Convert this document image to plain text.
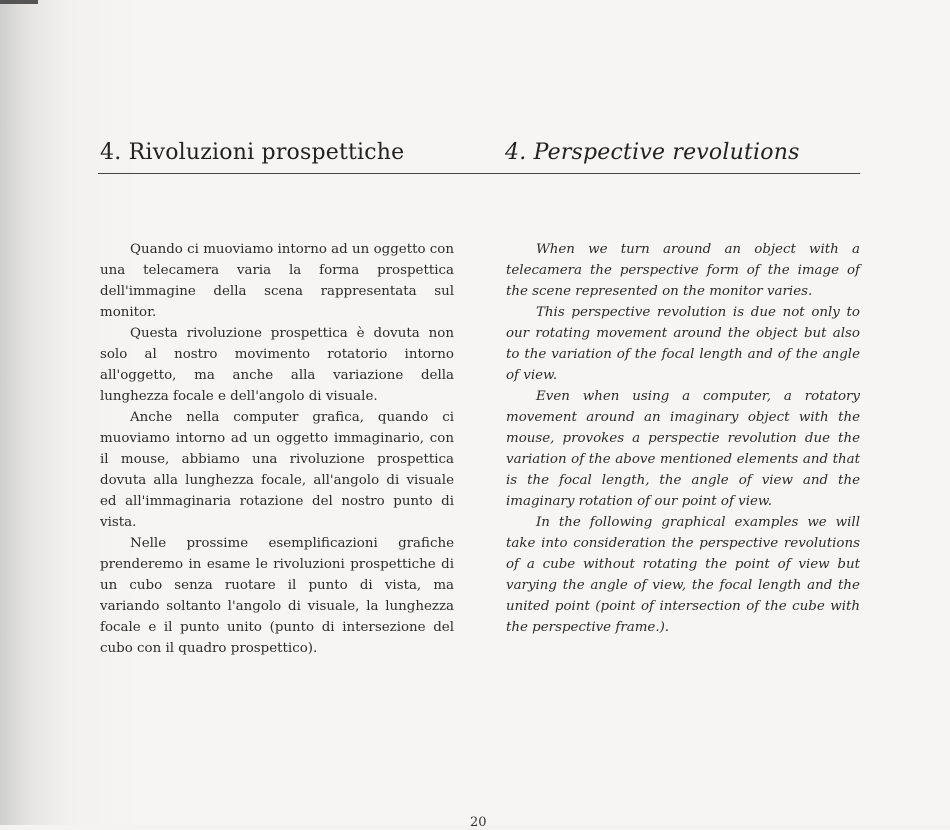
4. Rivoluzioni prospettiche	4. Perspective revolutions

Quando ci muoviamo intorno ad un oggetto con una telecamera varia la forma prospettica dell'immagine della scena rappresentata sul monitor.

Questa rivoluzione prospettica è dovuta non solo al nostro movimento rotatorio intorno all'oggetto, ma anche alla variazione della lunghezza focale e dell'angolo di visuale.

Anche nella computer grafica, quando ci muoviamo intorno ad un oggetto immaginario, con il mouse, abbiamo una rivoluzione prospettica dovuta alla lunghezza focale, all'angolo di visuale ed all'immaginaria rotazione del nostro punto di vista.

Nelle prossime esemplificazioni grafiche prenderemo in esame le rivoluzioni prospettiche di un cubo senza ruotare il punto di vista, ma variando soltanto l'angolo di visuale, la lunghezza focale e il punto unito (punto di intersezione del cubo con il quadro prospettico).

When we turn around an object with a telecamera the perspective form of the image of the scene represented on the monitor varies.

This perspective revolution is due not only to our rotating movement around the object but also to the variation of the focal length and of the angle of view.

Even when using a computer, a rotatory movement around an imaginary object with the mouse, provokes a perspectie revolution due the variation of the above mentioned elements and that is the focal length, the angle of view and the imaginary rotation of our point of view.

In the following graphical examples we will take into consideration the perspective revolutions of a cube without rotating the point of view but varying the angle of view, the focal length and the united point (point of intersection of the cube with the perspective frame.).

20
